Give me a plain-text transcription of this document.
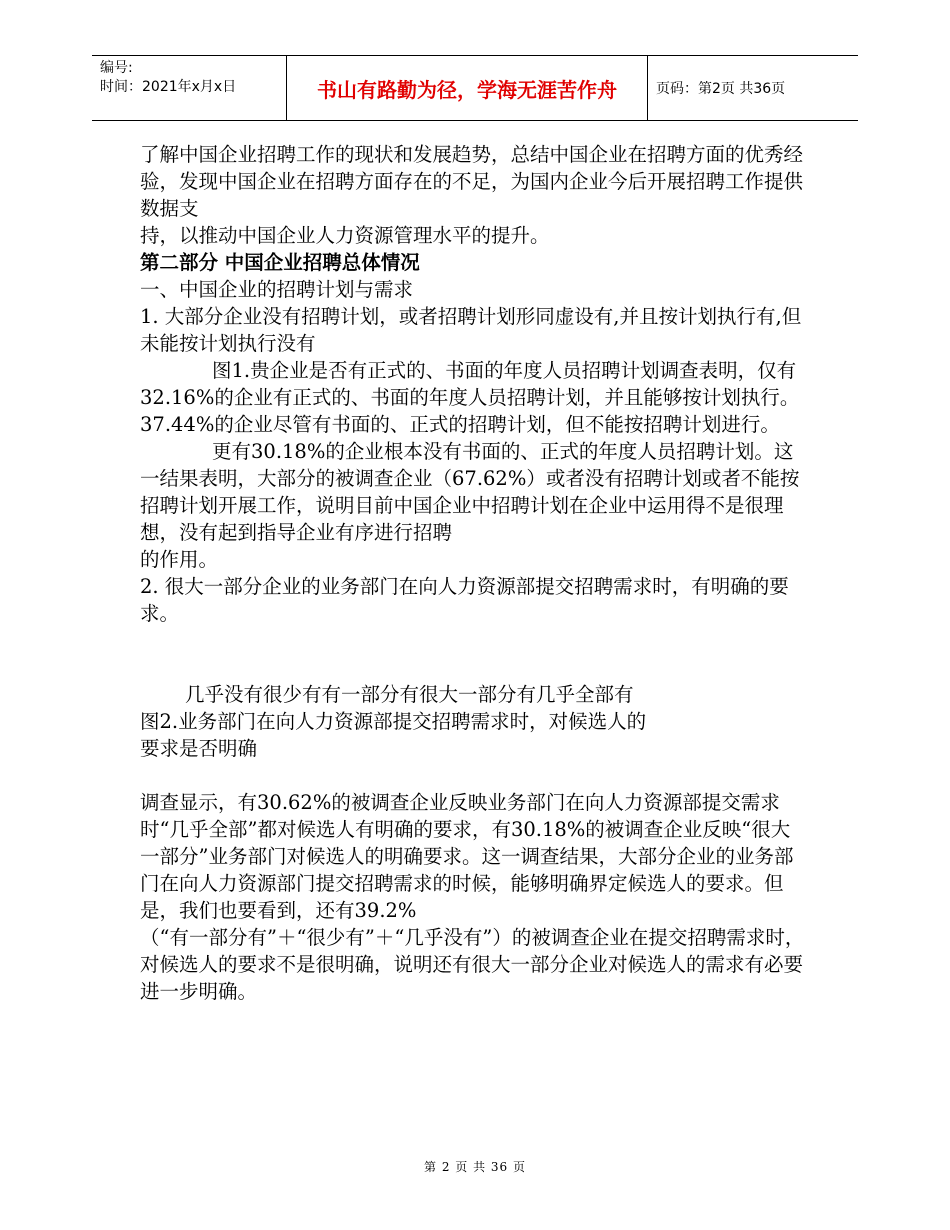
编号:
时间：2021年x月x日	书山有路勤为径，学海无涯苦作舟	页码：第2页 共36页

了解中国企业招聘工作的现状和发展趋势，总结中国企业在招聘方面的优秀经

验，发现中国企业在招聘方面存在的不足，为国内企业今后开展招聘工作提供数据支

持，以推动中国企业人力资源管理水平的提升。

第二部分 中国企业招聘总体情况

一、中国企业的招聘计划与需求

1. 大部分企业没有招聘计划，或者招聘计划形同虚设有,并且按计划执行有,但未能按计划执行没有

图1.贵企业是否有正式的、书面的年度人员招聘计划调查表明，仅有32.16%的企业有正式的、书面的年度人员招聘计划，并且能够按计划执行。37.44%的企业尽管有书面的、正式的招聘计划，但不能按招聘计划进行。

更有30.18%的企业根本没有书面的、正式的年度人员招聘计划。这一结果表明，大部分的被调查企业（67.62%）或者没有招聘计划或者不能按招聘计划开展工作，说明目前中国企业中招聘计划在企业中运用得不是很理想，没有起到指导企业有序进行招聘

的作用。

2. 很大一部分企业的业务部门在向人力资源部提交招聘需求时，有明确的要求。

几乎没有很少有有一部分有很大一部分有几乎全部有

图2.业务部门在向人力资源部提交招聘需求时，对候选人的

要求是否明确

调查显示，有30.62%的被调查企业反映业务部门在向人力资源部提交需求时“几乎全部”都对候选人有明确的要求，有30.18%的被调查企业反映“很大一部分”业务部门对候选人的明确要求。这一调查结果，大部分企业的业务部门在向人力资源部门提交招聘需求的时候，能够明确界定候选人的要求。但是，我们也要看到，还有39.2%

（“有一部分有”＋“很少有”＋“几乎没有”）的被调查企业在提交招聘需求时，对候选人的要求不是很明确，说明还有很大一部分企业对候选人的需求有必要进一步明确。

第 2 页 共 36 页
